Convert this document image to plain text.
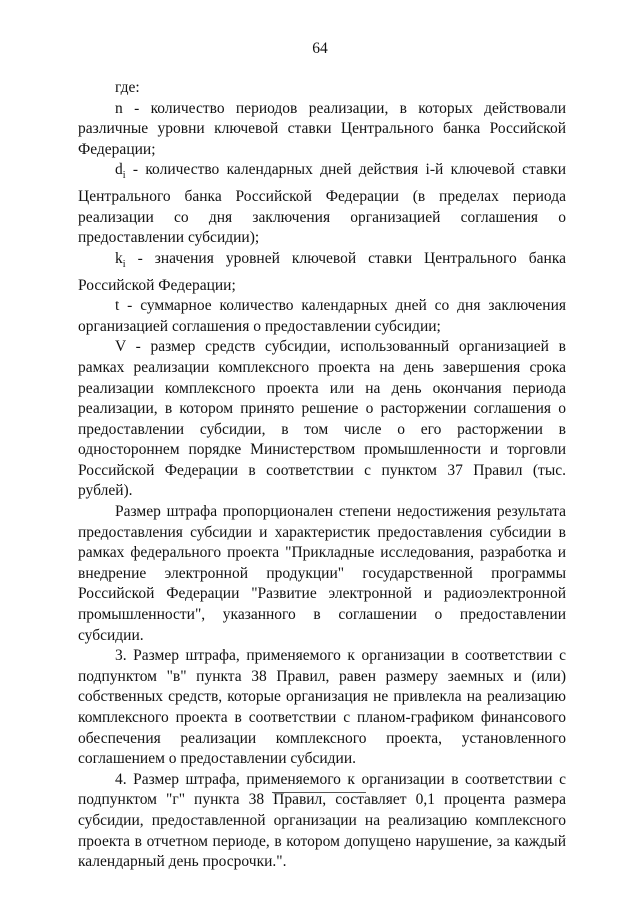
64

где:

n - количество периодов реализации, в которых действовали различные уровни ключевой ставки Центрального банка Российской Федерации;

$d_i$ - количество календарных дней действия i-й ключевой ставки Центрального банка Российской Федерации (в пределах периода реализации со дня заключения организацией соглашения о предоставлении субсидии);

$k_i$ - значения уровней ключевой ставки Центрального банка Российской Федерации;

t - суммарное количество календарных дней со дня заключения организацией соглашения о предоставлении субсидии;

V - размер средств субсидии, использованный организацией в рамках реализации комплексного проекта на день завершения срока реализации комплексного проекта или на день окончания периода реализации, в котором принято решение о расторжении соглашения о предоставлении субсидии, в том числе о его расторжении в одностороннем порядке Министерством промышленности и торговли Российской Федерации в соответствии с пунктом 37 Правил (тыс. рублей).

Размер штрафа пропорционален степени недостижения результата предоставления субсидии и характеристик предоставления субсидии в рамках федерального проекта "Прикладные исследования, разработка и внедрение электронной продукции" государственной программы Российской Федерации "Развитие электронной и радиоэлектронной промышленности", указанного в соглашении о предоставлении субсидии.

3. Размер штрафа, применяемого к организации в соответствии с подпунктом "в" пункта 38 Правил, равен размеру заемных и (или) собственных средств, которые организация не привлекла на реализацию комплексного проекта в соответствии с планом-графиком финансового обеспечения реализации комплексного проекта, установленного соглашением о предоставлении субсидии.

4. Размер штрафа, применяемого к организации в соответствии с подпунктом "г" пункта 38 Правил, составляет 0,1 процента размера субсидии, предоставленной организации на реализацию комплексного проекта в отчетном периоде, в котором допущено нарушение, за каждый календарный день просрочки.".
